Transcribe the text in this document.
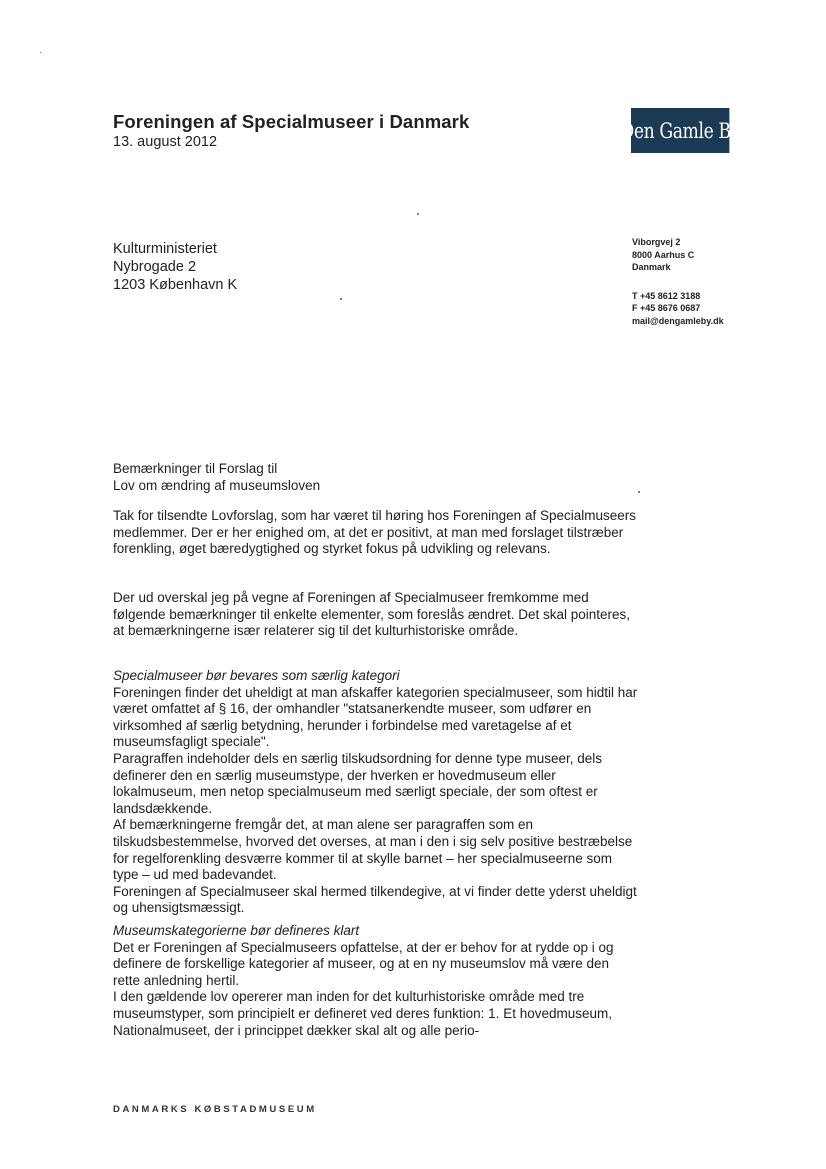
Foreningen af Specialmuseer i Danmark
13. august 2012	Den Gamle By
Kulturministeriet
Nybrogade 2
1203 København K
Viborgvej 2
8000 Aarhus C
Danmark
T +45 8612 3188
F +45 8676 0687
mail@dengamleby.dk

Bemærkninger til Forslag til

Lov om ændring af museumsloven

Tak for tilsendte Lovforslag, som har været til høring hos Foreningen af Specialmuseers medlemmer. Der er her enighed om, at det er positivt, at man med forslaget tilstræber forenkling, øget bæredygtighed og styrket fokus på udvikling og relevans.

Der ud overskal jeg på vegne af Foreningen af Specialmuseer fremkomme med følgende bemærkninger til enkelte elementer, som foreslås ændret. Det skal pointeres, at bemærkningerne især relaterer sig til det kulturhistoriske område.

Specialmuseer bør bevares som særlig kategori

Foreningen finder det uheldigt at man afskaffer kategorien specialmuseer, som hidtil har været omfattet af § 16, der omhandler "statsanerkendte museer, som udfører en virksomhed af særlig betydning, herunder i forbindelse med varetagelse af et museumsfagligt speciale".

Paragraffen indeholder dels en særlig tilskudsordning for denne type museer, dels definerer den en særlig museumstype, der hverken er hovedmuseum eller lokalmuseum, men netop specialmuseum med særligt speciale, der som oftest er landsdækkende.

Af bemærkningerne fremgår det, at man alene ser paragraffen som en tilskudsbestemmelse, hvorved det overses, at man i den i sig selv positive bestræbelse for regelforenkling desværre kommer til at skylle barnet – her specialmuseerne som type – ud med badevandet.

Foreningen af Specialmuseer skal hermed tilkendegive, at vi finder dette yderst uheldigt og uhensigtsmæssigt.

Museumskategorierne bør defineres klart

Det er Foreningen af Specialmuseers opfattelse, at der er behov for at rydde op i og definere de forskellige kategorier af museer, og at en ny museumslov må være den rette anledning hertil.

I den gældende lov opererer man inden for det kulturhistoriske område med tre museumstyper, som principielt er defineret ved deres funktion: 1. Et hovedmuseum, Nationalmuseet, der i princippet dækker skal alt og alle perio-

DANMARKS KØBSTADMUSEUM
